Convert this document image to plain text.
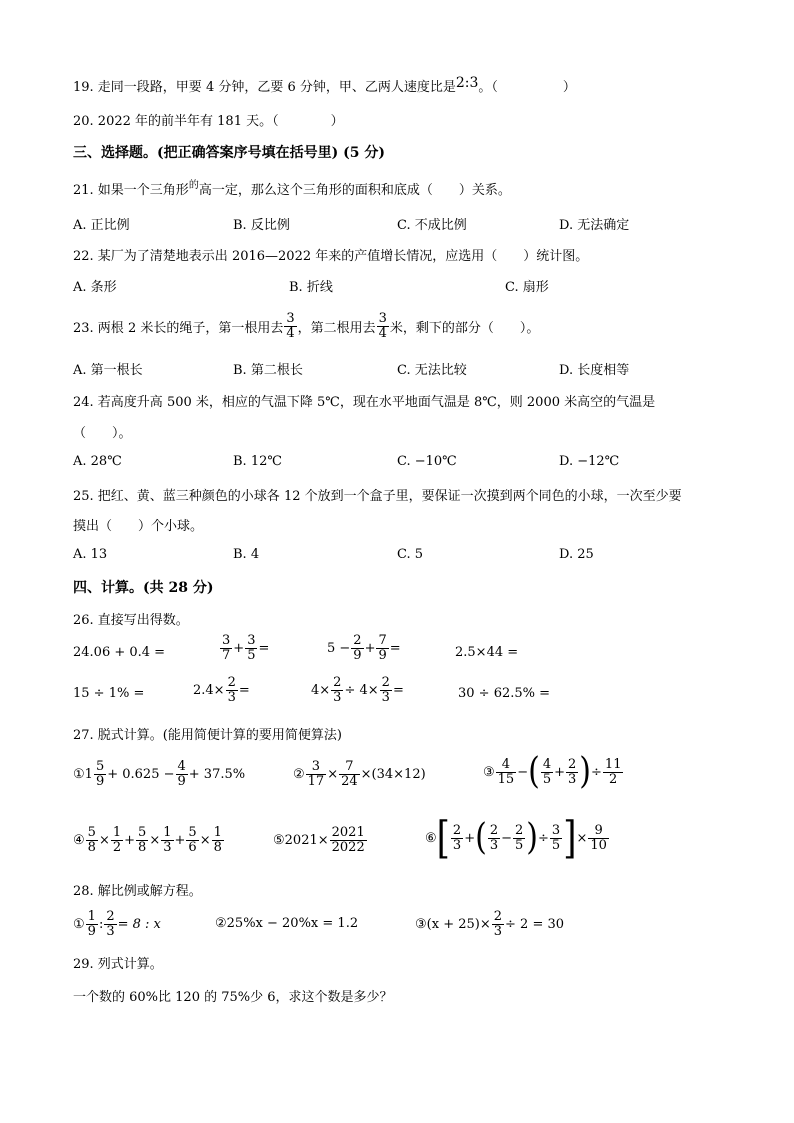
19. 走同一段路，甲要 4 分钟，乙要 6 分钟，甲、乙两人速度比是2:3。（　　　　　）
20. 2022 年的前半年有 181 天。（　　　　）
三、选择题。(把正确答案序号填在括号里) (5 分)
21. 如果一个三角形$^的$高一定，那么这个三角形的面积和底成（　　）关系。
A. 正比例	B. 反比例	C. 不成比例	D. 无法确定
22. 某厂为了清楚地表示出 2016—2022 年来的产值增长情况，应选用（　　）统计图。
A. 条形	B. 折线	C. 扇形
23. 两根 2 米长的绳子，第一根用去 $\frac{3}{4}$ ，第二根用去 $\frac{3}{4}$ 米，剩下的部分（　　）。
A. 第一根长	B. 第二根长	C. 无法比较	D. 长度相等
24. 若高度升高 500 米，相应的气温下降 5℃，现在水平地面气温是 8℃，则 2000 米高空的气温是
（　　）。
A. 28℃	B. 12℃	C. −10℃	D. −12℃
25. 把红、黄、蓝三种颜色的小球各 12 个放到一个盒子里，要保证一次摸到两个同色的小球，一次至少要
摸出（　　）个小球。
A. 13	B. 4	C. 5	D. 25
四、计算。(共 28 分)
26. 直接写出得数。
24.06 + 0.4 =	$\frac{3}{7} + \frac{3}{5}$ =	$5 - \frac{2}{9} + \frac{7}{9}$ =	2.5×44 =
15 ÷ 1% =	$2.4\times \frac{2}{3}$ =	$4\times \frac{2}{3} \div 4\times \frac{2}{3}$ =	30 ÷ 62.5% =
27. 脱式计算。(能用简便计算的要用简便算法)
① $1 \frac{5}{9} + 0.625 - \frac{4}{9} + 37.5\%$	② $\frac{3}{17} \times \frac{7}{24} \times(34\times 12)$	③ $\frac{4}{15}$ − ( $\frac{4}{5} + \frac{2}{3}$ ) ÷ $\frac{11}{2}$
④ $\frac{5}{8} \times \frac{1}{2} + \frac{5}{8} \times \frac{1}{3} + \frac{5}{6} \times \frac{1}{8}$	⑤ $2021\times \frac{2021}{2022}$	⑥ [ $\frac{2}{3}$ + ( $\frac{2}{3} - \frac{2}{5}$ ) ÷ $\frac{3}{5}$ ] × $\frac{9}{10}$
28. 解比例或解方程。
① $\frac{1}{9}$ : $\frac{2}{3} = 8$ : x	②25%x − 20%x = 1.2	③(x + $25)\times \frac{2}{3} \div 2 = 30$
29. 列式计算。
一个数的 60%比 120 的 75%少 6，求这个数是多少？
